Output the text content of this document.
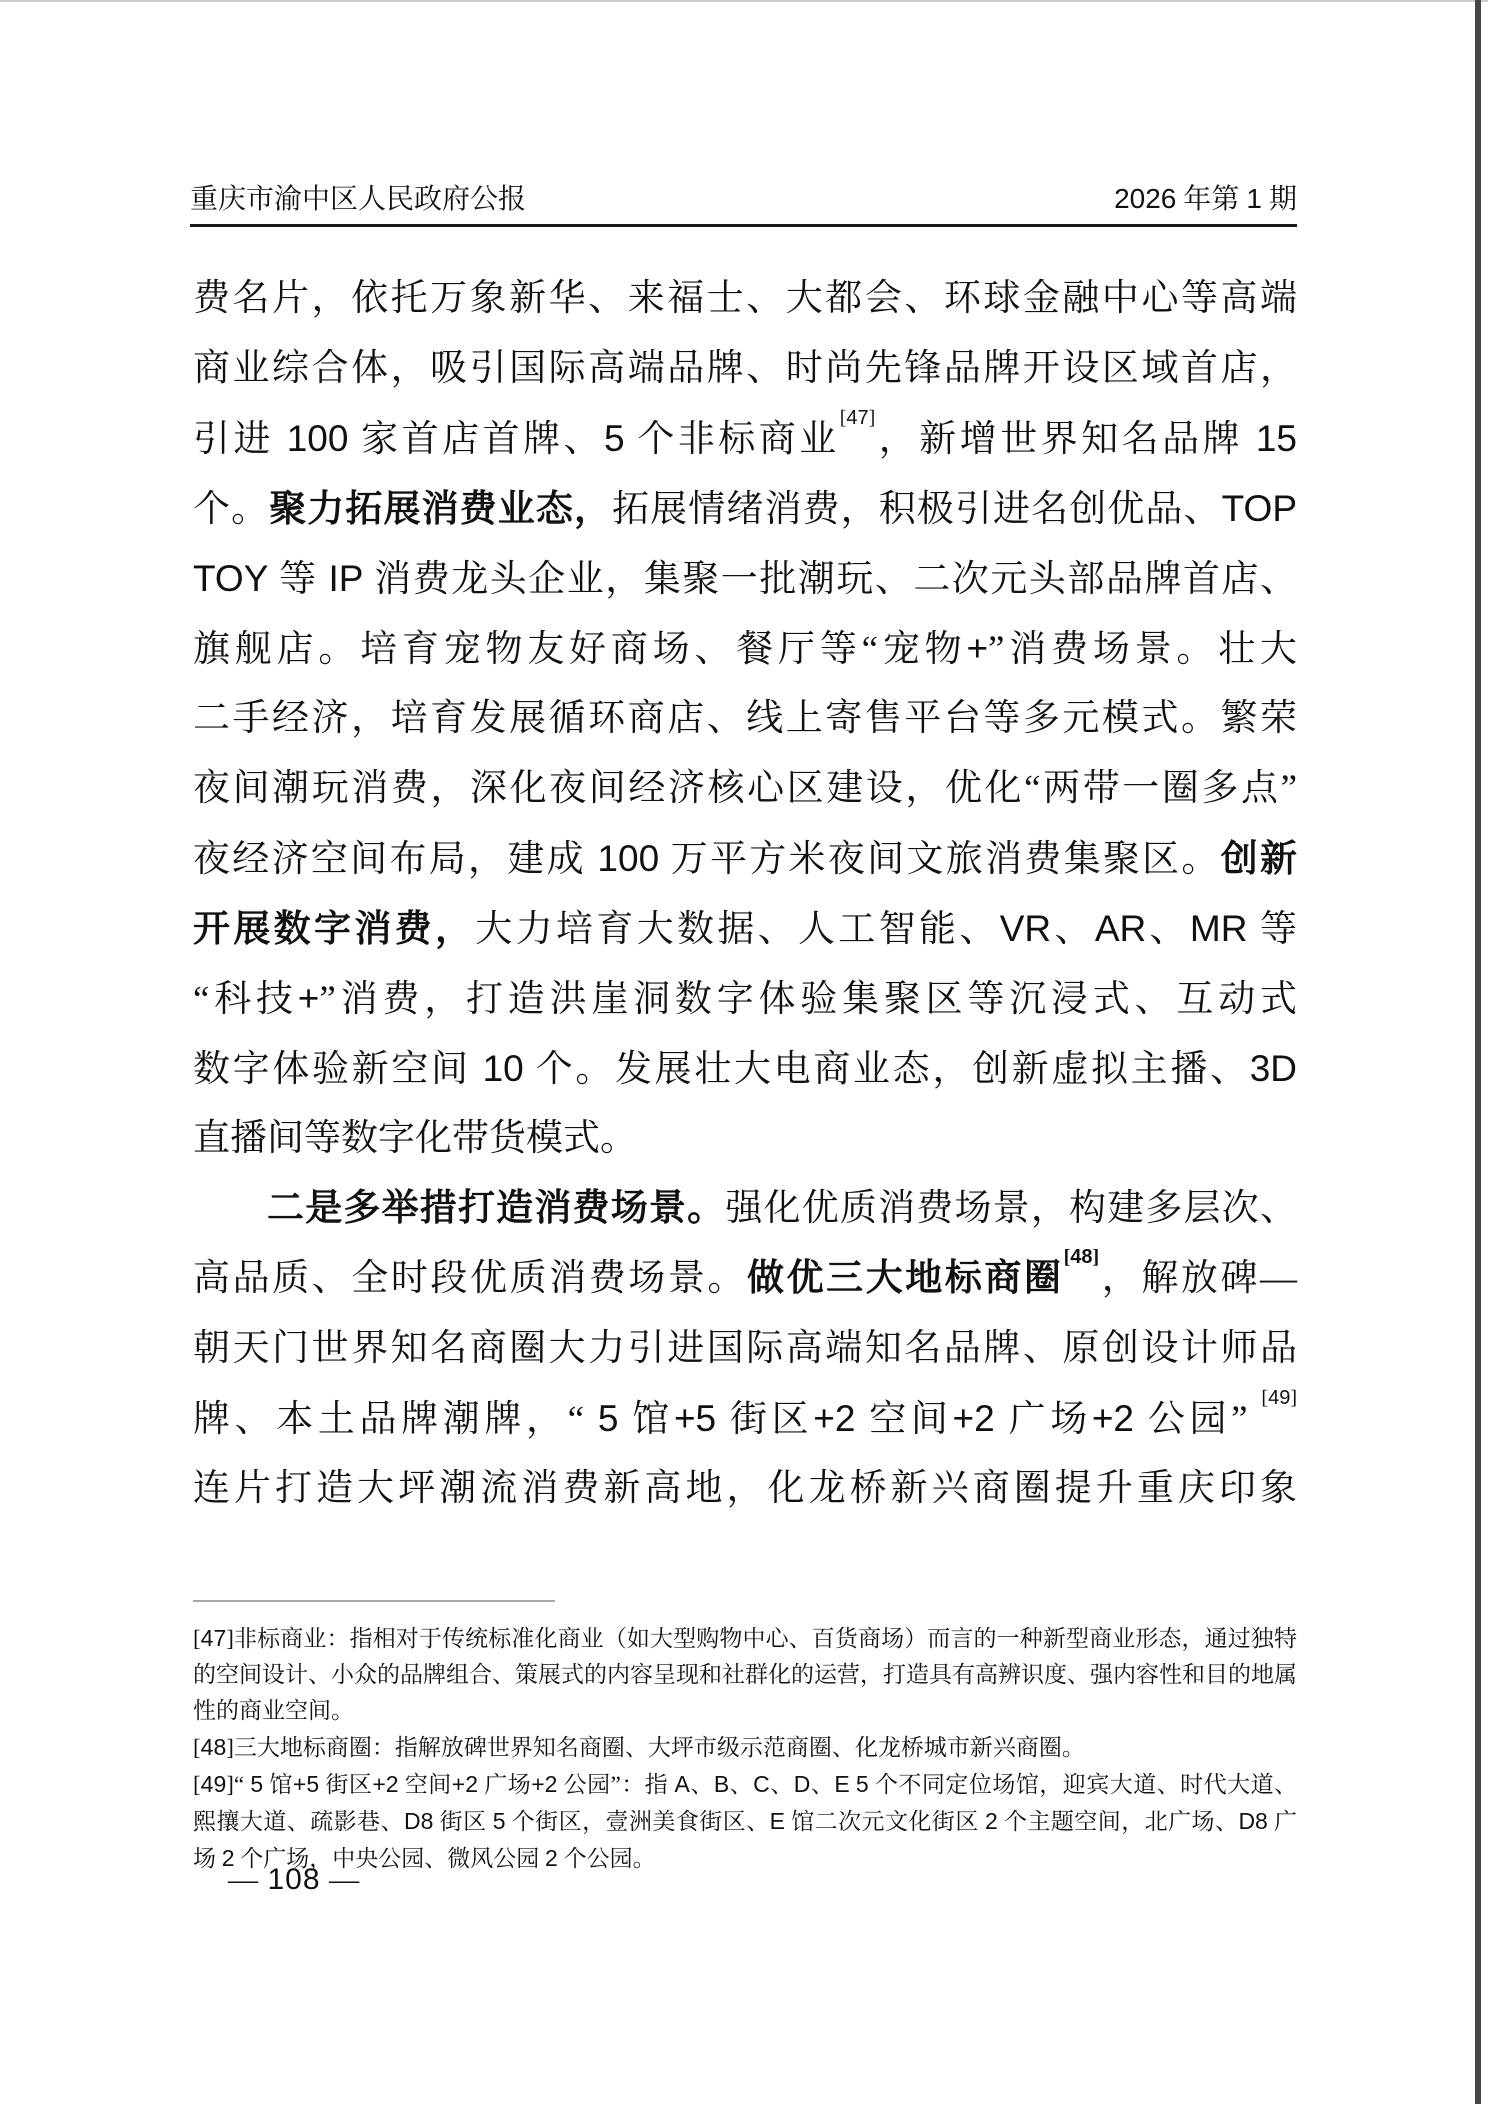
重庆市渝中区人民政府公报	2026 年第 1 期
费名片，依托万象新华、来福士、大都会、环球金融中心等高端
商业综合体，吸引国际高端品牌、时尚先锋品牌开设区域首店，
引进 100 家首店首牌、5 个非标商业[47]，新增世界知名品牌 15
个。聚力拓展消费业态，拓展情绪消费，积极引进名创优品、TOP
TOY 等 IP 消费龙头企业，集聚一批潮玩、二次元头部品牌首店、
旗舰店。培育宠物友好商场、餐厅等“宠物+”消费场景。壮大
二手经济，培育发展循环商店、线上寄售平台等多元模式。繁荣
夜间潮玩消费，深化夜间经济核心区建设，优化“两带一圈多点”
夜经济空间布局，建成 100 万平方米夜间文旅消费集聚区。创新
开展数字消费，大力培育大数据、人工智能、VR、AR、MR 等
“科技+”消费，打造洪崖洞数字体验集聚区等沉浸式、互动式
数字体验新空间 10 个。发展壮大电商业态，创新虚拟主播、3D
直播间等数字化带货模式。
二是多举措打造消费场景。强化优质消费场景，构建多层次、
高品质、全时段优质消费场景。做优三大地标商圈[48]，解放碑—
朝天门世界知名商圈大力引进国际高端知名品牌、原创设计师品
牌、本土品牌潮牌，“ 5 馆+5 街区+2 空间+2 广场+2 公园” [49]
连片打造大坪潮流消费新高地，化龙桥新兴商圈提升重庆印象

[47]非标商业：指相对于传统标准化商业（如大型购物中心、百货商场）而言的一种新型商业形态，通过独特的空间设计、小众的品牌组合、策展式的内容呈现和社群化的运营，打造具有高辨识度、强内容性和目的地属性的商业空间。

[48]三大地标商圈：指解放碑世界知名商圈、大坪市级示范商圈、化龙桥城市新兴商圈。

[49]“ 5 馆+5 街区+2 空间+2 广场+2 公园”：指 A、B、C、D、E 5 个不同定位场馆，迎宾大道、时代大道、熙攘大道、疏影巷、D8 街区 5 个街区，壹洲美食街区、E 馆二次元文化街区 2 个主题空间，北广场、D8 广场 2 个广场，中央公园、微风公园 2 个公园。

— 108 —
